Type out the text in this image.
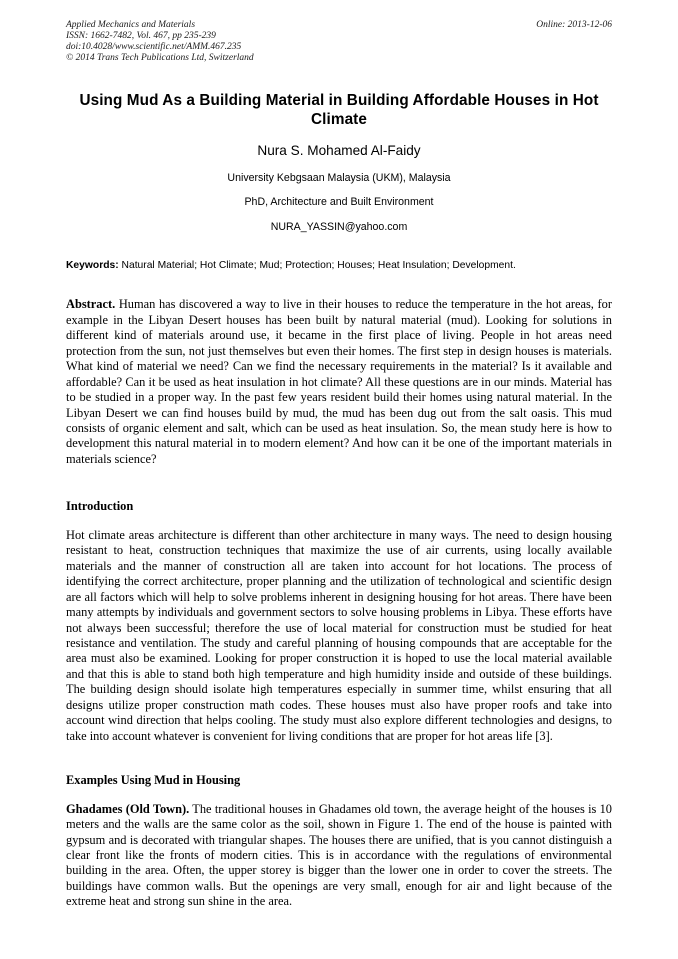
Applied Mechanics and Materials
ISSN: 1662-7482, Vol. 467, pp 235-239
doi:10.4028/www.scientific.net/AMM.467.235
© 2014 Trans Tech Publications Ltd, Switzerland
Online: 2013-12-06
Using Mud As a Building Material in Building Affordable Houses in Hot Climate
Nura S. Mohamed Al-Faidy
University Kebgsaan Malaysia (UKM), Malaysia
PhD, Architecture and Built Environment
NURA_YASSIN@yahoo.com

Keywords: Natural Material; Hot Climate; Mud; Protection; Houses; Heat Insulation; Development.

Abstract. Human has discovered a way to live in their houses to reduce the temperature in the hot areas, for example in the Libyan Desert houses has been built by natural material (mud). Looking for solutions in different kind of materials around use, it became in the first place of living. People in hot areas need protection from the sun, not just themselves but even their homes. The first step in design houses is materials. What kind of material we need? Can we find the necessary requirements in the material? Is it available and affordable? Can it be used as heat insulation in hot climate? All these questions are in our minds. Material has to be studied in a proper way. In the past few years resident build their homes using natural material. In the Libyan Desert we can find houses build by mud, the mud has been dug out from the salt oasis. This mud consists of organic element and salt, which can be used as heat insulation. So, the mean study here is how to development this natural material in to modern element? And how can it be one of the important materials in materials science?

Introduction

Hot climate areas architecture is different than other architecture in many ways. The need to design housing resistant to heat, construction techniques that maximize the use of air currents, using locally available materials and the manner of construction all are taken into account for hot locations. The process of identifying the correct architecture, proper planning and the utilization of technological and scientific design are all factors which will help to solve problems inherent in designing housing for hot areas. There have been many attempts by individuals and government sectors to solve housing problems in Libya. These efforts have not always been successful; therefore the use of local material for construction must be studied for heat resistance and ventilation. The study and careful planning of housing compounds that are acceptable for the area must also be examined. Looking for proper construction it is hoped to use the local material available and that this is able to stand both high temperature and high humidity inside and outside of these buildings. The building design should isolate high temperatures especially in summer time, whilst ensuring that all designs utilize proper construction math codes. These houses must also have proper roofs and take into account wind direction that helps cooling. The study must also explore different technologies and designs, to take into account whatever is convenient for living conditions that are proper for hot areas life [3].

Examples Using Mud in Housing

Ghadames (Old Town). The traditional houses in Ghadames old town, the average height of the houses is 10 meters and the walls are the same color as the soil, shown in Figure 1. The end of the house is painted with gypsum and is decorated with triangular shapes. The houses there are unified, that is you cannot distinguish a clear front like the fronts of modern cities. This is in accordance with the regulations of environmental building in the area. Often, the upper storey is bigger than the lower one in order to cover the streets. The buildings have common walls. But the openings are very small, enough for air and light because of the extreme heat and strong sun shine in the area.
